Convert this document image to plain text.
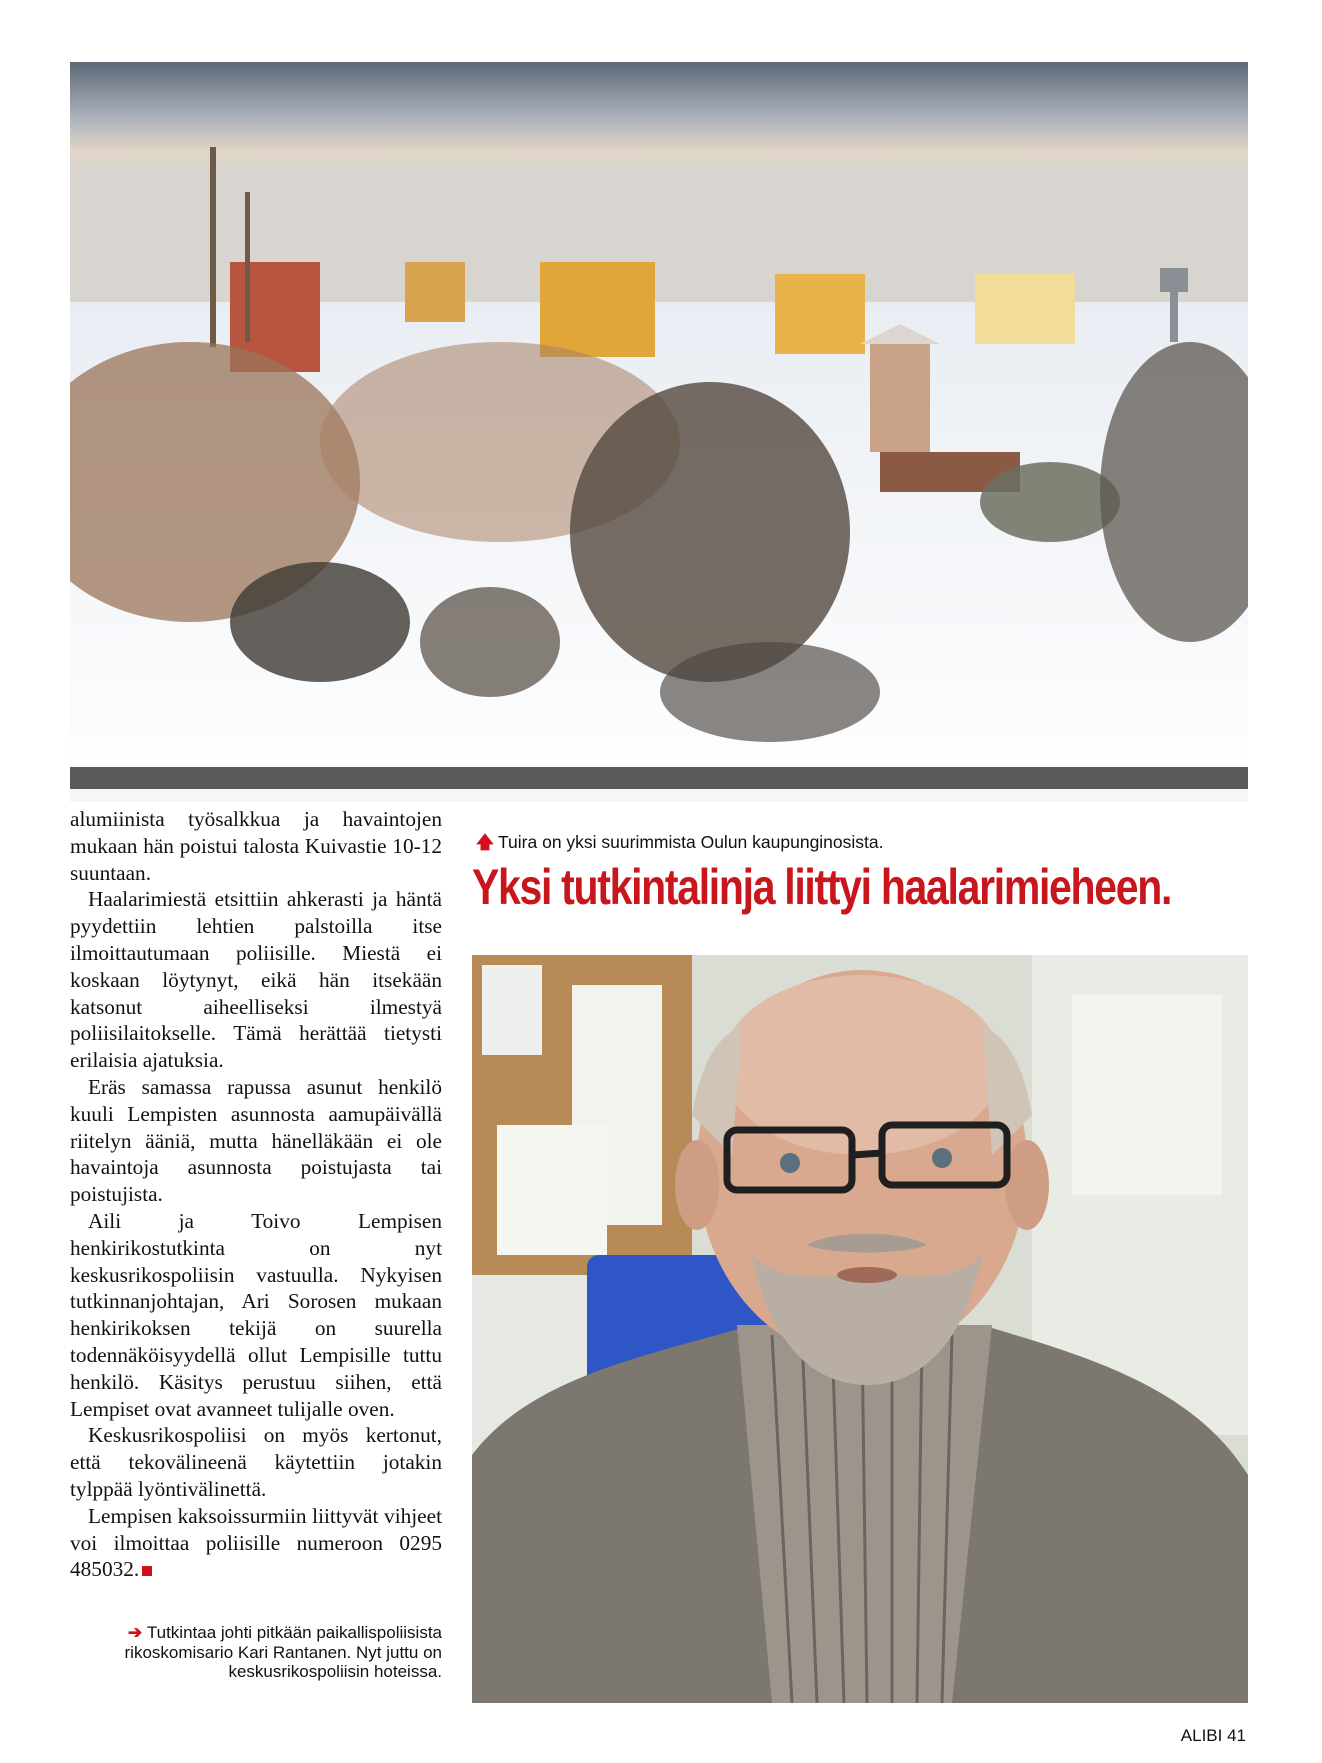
alumiinista työsalkkua ja havaintojen mukaan hän poistui talosta Kuivastie 10-12 suuntaan.

Haalarimiestä etsittiin ahkerasti ja häntä pyydettiin lehtien palstoilla itse ilmoittautumaan poliisille. Miestä ei koskaan löytynyt, eikä hän itsekään katsonut aiheelliseksi ilmestyä poliisilaitokselle. Tämä herättää tietysti erilaisia ajatuksia.

Eräs samassa rapussa asunut henkilö kuuli Lempisten asunnosta aamupäivällä riitelyn ääniä, mutta hänelläkään ei ole havaintoja asunnosta poistujasta tai poistujista.

Aili ja Toivo Lempisen henkirikostutkinta on nyt keskusrikospoliisin vastuulla. Nykyisen tutkinnanjohtajan, Ari Sorosen mukaan henkirikoksen tekijä on suurella todennäköisyydellä ollut Lempisille tuttu henkilö. Käsitys perustuu siihen, että Lempiset ovat avanneet tulijalle oven.

Keskusrikospoliisi on myös kertonut, että tekovälineenä käytettiin jotakin tylppää lyöntivälinettä.

Lempisen kaksoissurmiin liittyvät vihjeet voi ilmoittaa poliisille numeroon 0295 485032.

🡅 Tuira on yksi suurimmista Oulun kaupunginosista.
Yksi tutkintalinja liittyi haalarimieheen.
➔ Tutkintaa johti pitkään paikallispoliisista rikoskomisario Kari Rantanen. Nyt juttu on keskusrikospoliisin hoteissa.
ALIBI 41
